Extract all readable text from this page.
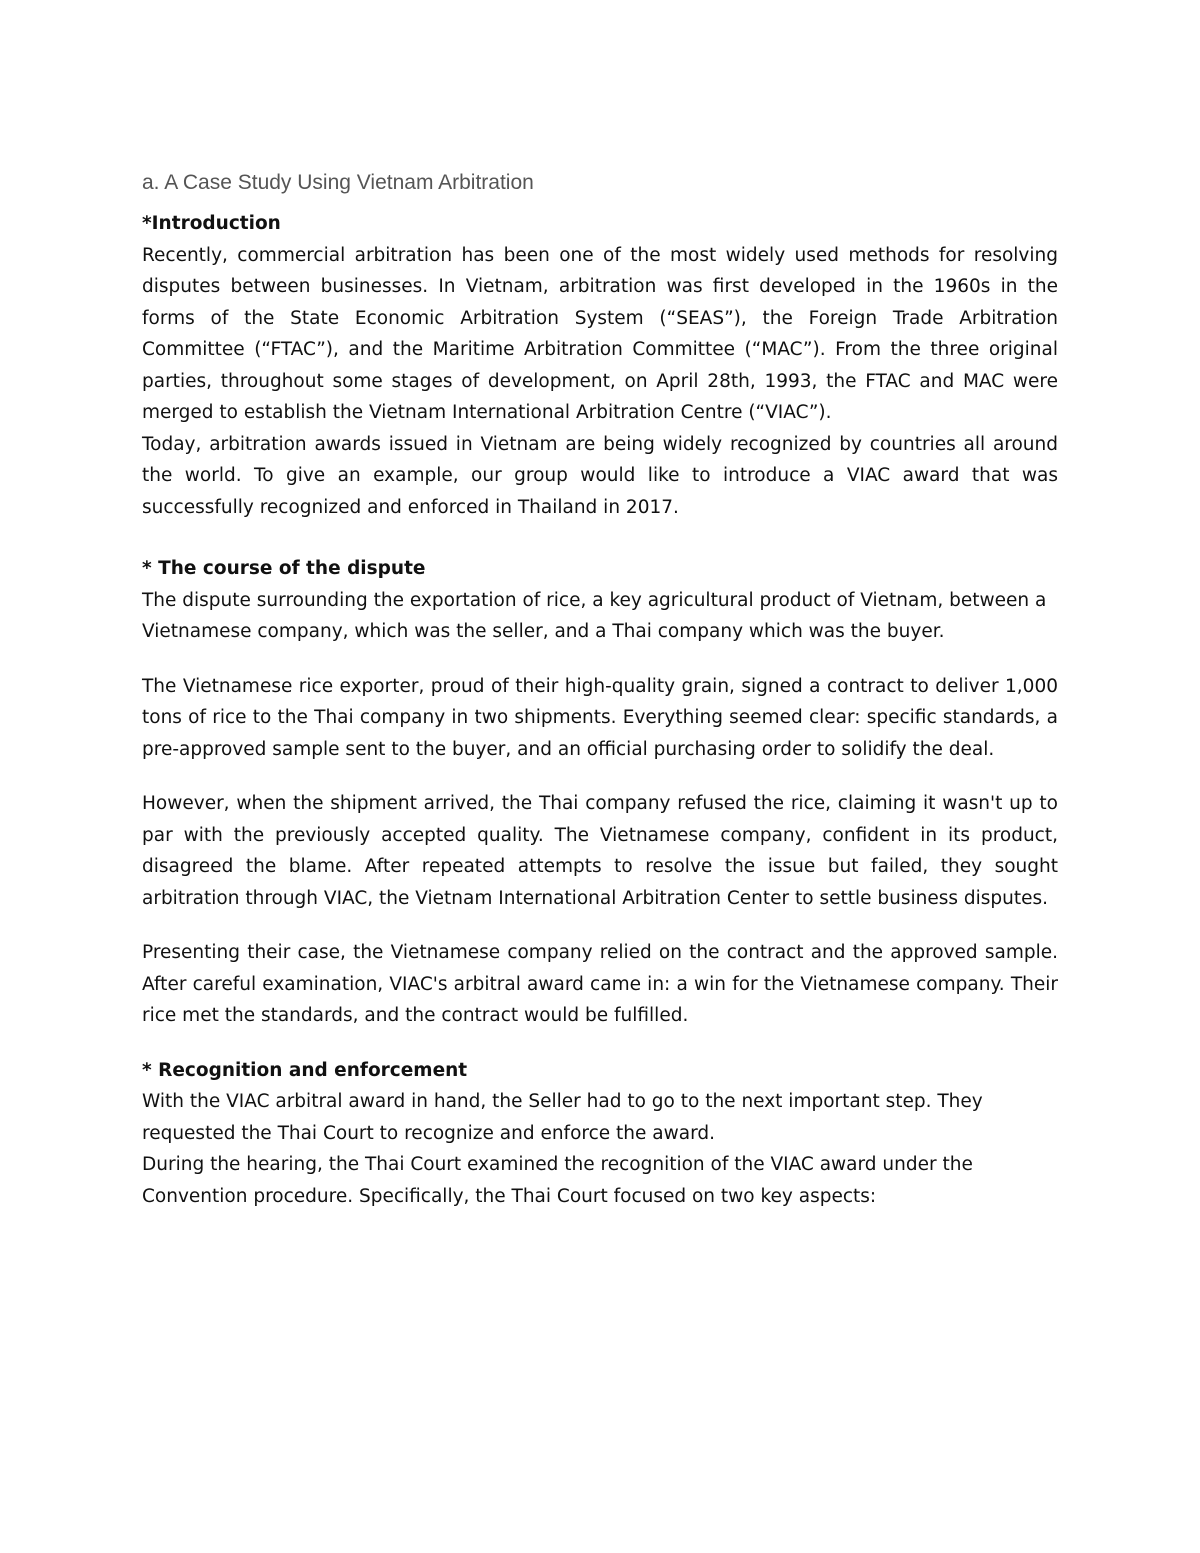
a. A Case Study Using Vietnam Arbitration
*Introduction

Recently, commercial arbitration has been one of the most widely used methods for resolving disputes between businesses. In Vietnam, arbitration was first developed in the 1960s in the forms of the State Economic Arbitration System (“SEAS”), the Foreign Trade Arbitration Committee (“FTAC”), and the Maritime Arbitration Committee (“MAC”). From the three original parties, throughout some stages of development, on April 28th, 1993, the FTAC and MAC were merged to establish the Vietnam International Arbitration Centre (“VIAC”).

Today, arbitration awards issued in Vietnam are being widely recognized by countries all around the world. To give an example, our group would like to introduce a VIAC award that was successfully recognized and enforced in Thailand in 2017.

* The course of the dispute

The dispute surrounding the exportation of rice, a key agricultural product of Vietnam, between a Vietnamese company, which was the seller, and a Thai company which was the buyer.

The Vietnamese rice exporter, proud of their high-quality grain, signed a contract to deliver 1,000 tons of rice to the Thai company in two shipments. Everything seemed clear: specific standards, a pre-approved sample sent to the buyer, and an official purchasing order to solidify the deal.

However, when the shipment arrived, the Thai company refused the rice, claiming it wasn't up to par with the previously accepted quality. The Vietnamese company, confident in its product, disagreed the blame. After repeated attempts to resolve the issue but failed, they sought arbitration through VIAC, the Vietnam International Arbitration Center to settle business disputes.

Presenting their case, the Vietnamese company relied on the contract and the approved sample. After careful examination, VIAC's arbitral award came in: a win for the Vietnamese company. Their rice met the standards, and the contract would be fulfilled.

* Recognition and enforcement

With the VIAC arbitral award in hand, the Seller had to go to the next important step. They requested the Thai Court to recognize and enforce the award.

During the hearing, the Thai Court examined the recognition of the VIAC award under the Convention procedure. Specifically, the Thai Court focused on two key aspects:
